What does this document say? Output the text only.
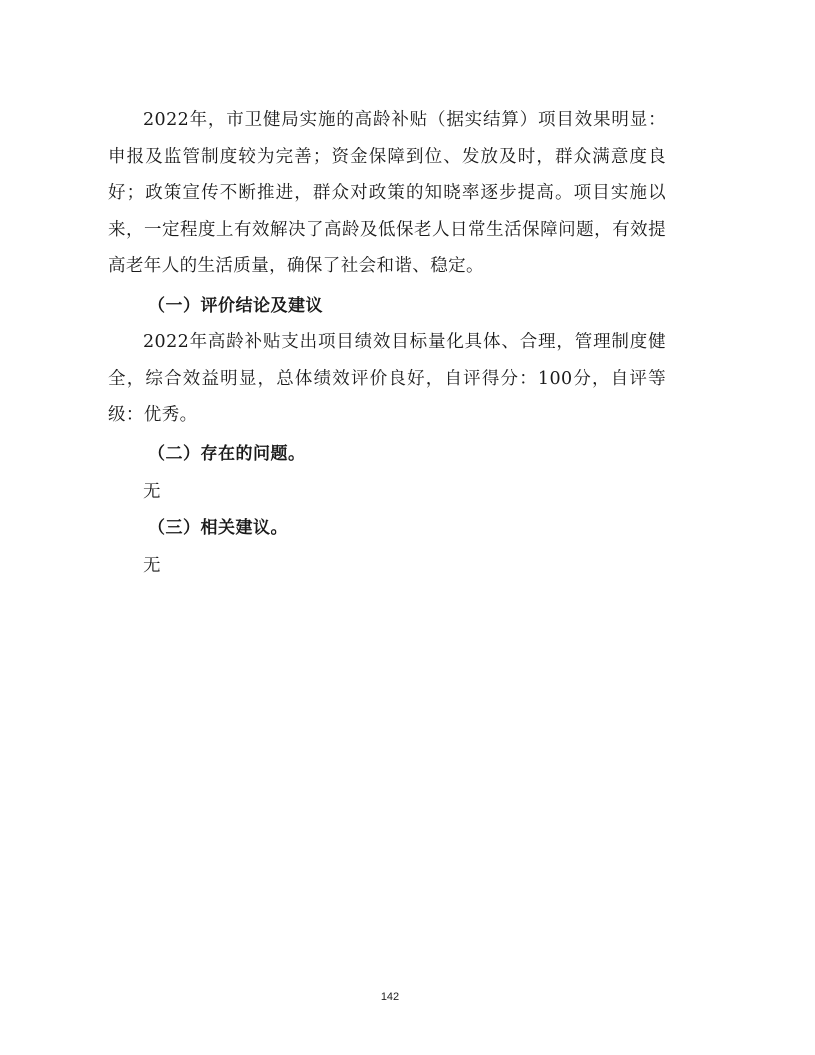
2022年，市卫健局实施的高龄补贴（据实结算）项目效果明显：申报及监管制度较为完善；资金保障到位、发放及时，群众满意度良好；政策宣传不断推进，群众对政策的知晓率逐步提高。项目实施以来，一定程度上有效解决了高龄及低保老人日常生活保障问题，有效提高老年人的生活质量，确保了社会和谐、稳定。

（一）评价结论及建议

2022年高龄补贴支出项目绩效目标量化具体、合理，管理制度健全，综合效益明显，总体绩效评价良好，自评得分：100分，自评等级：优秀。

（二）存在的问题。
无
（三）相关建议。
无
142
